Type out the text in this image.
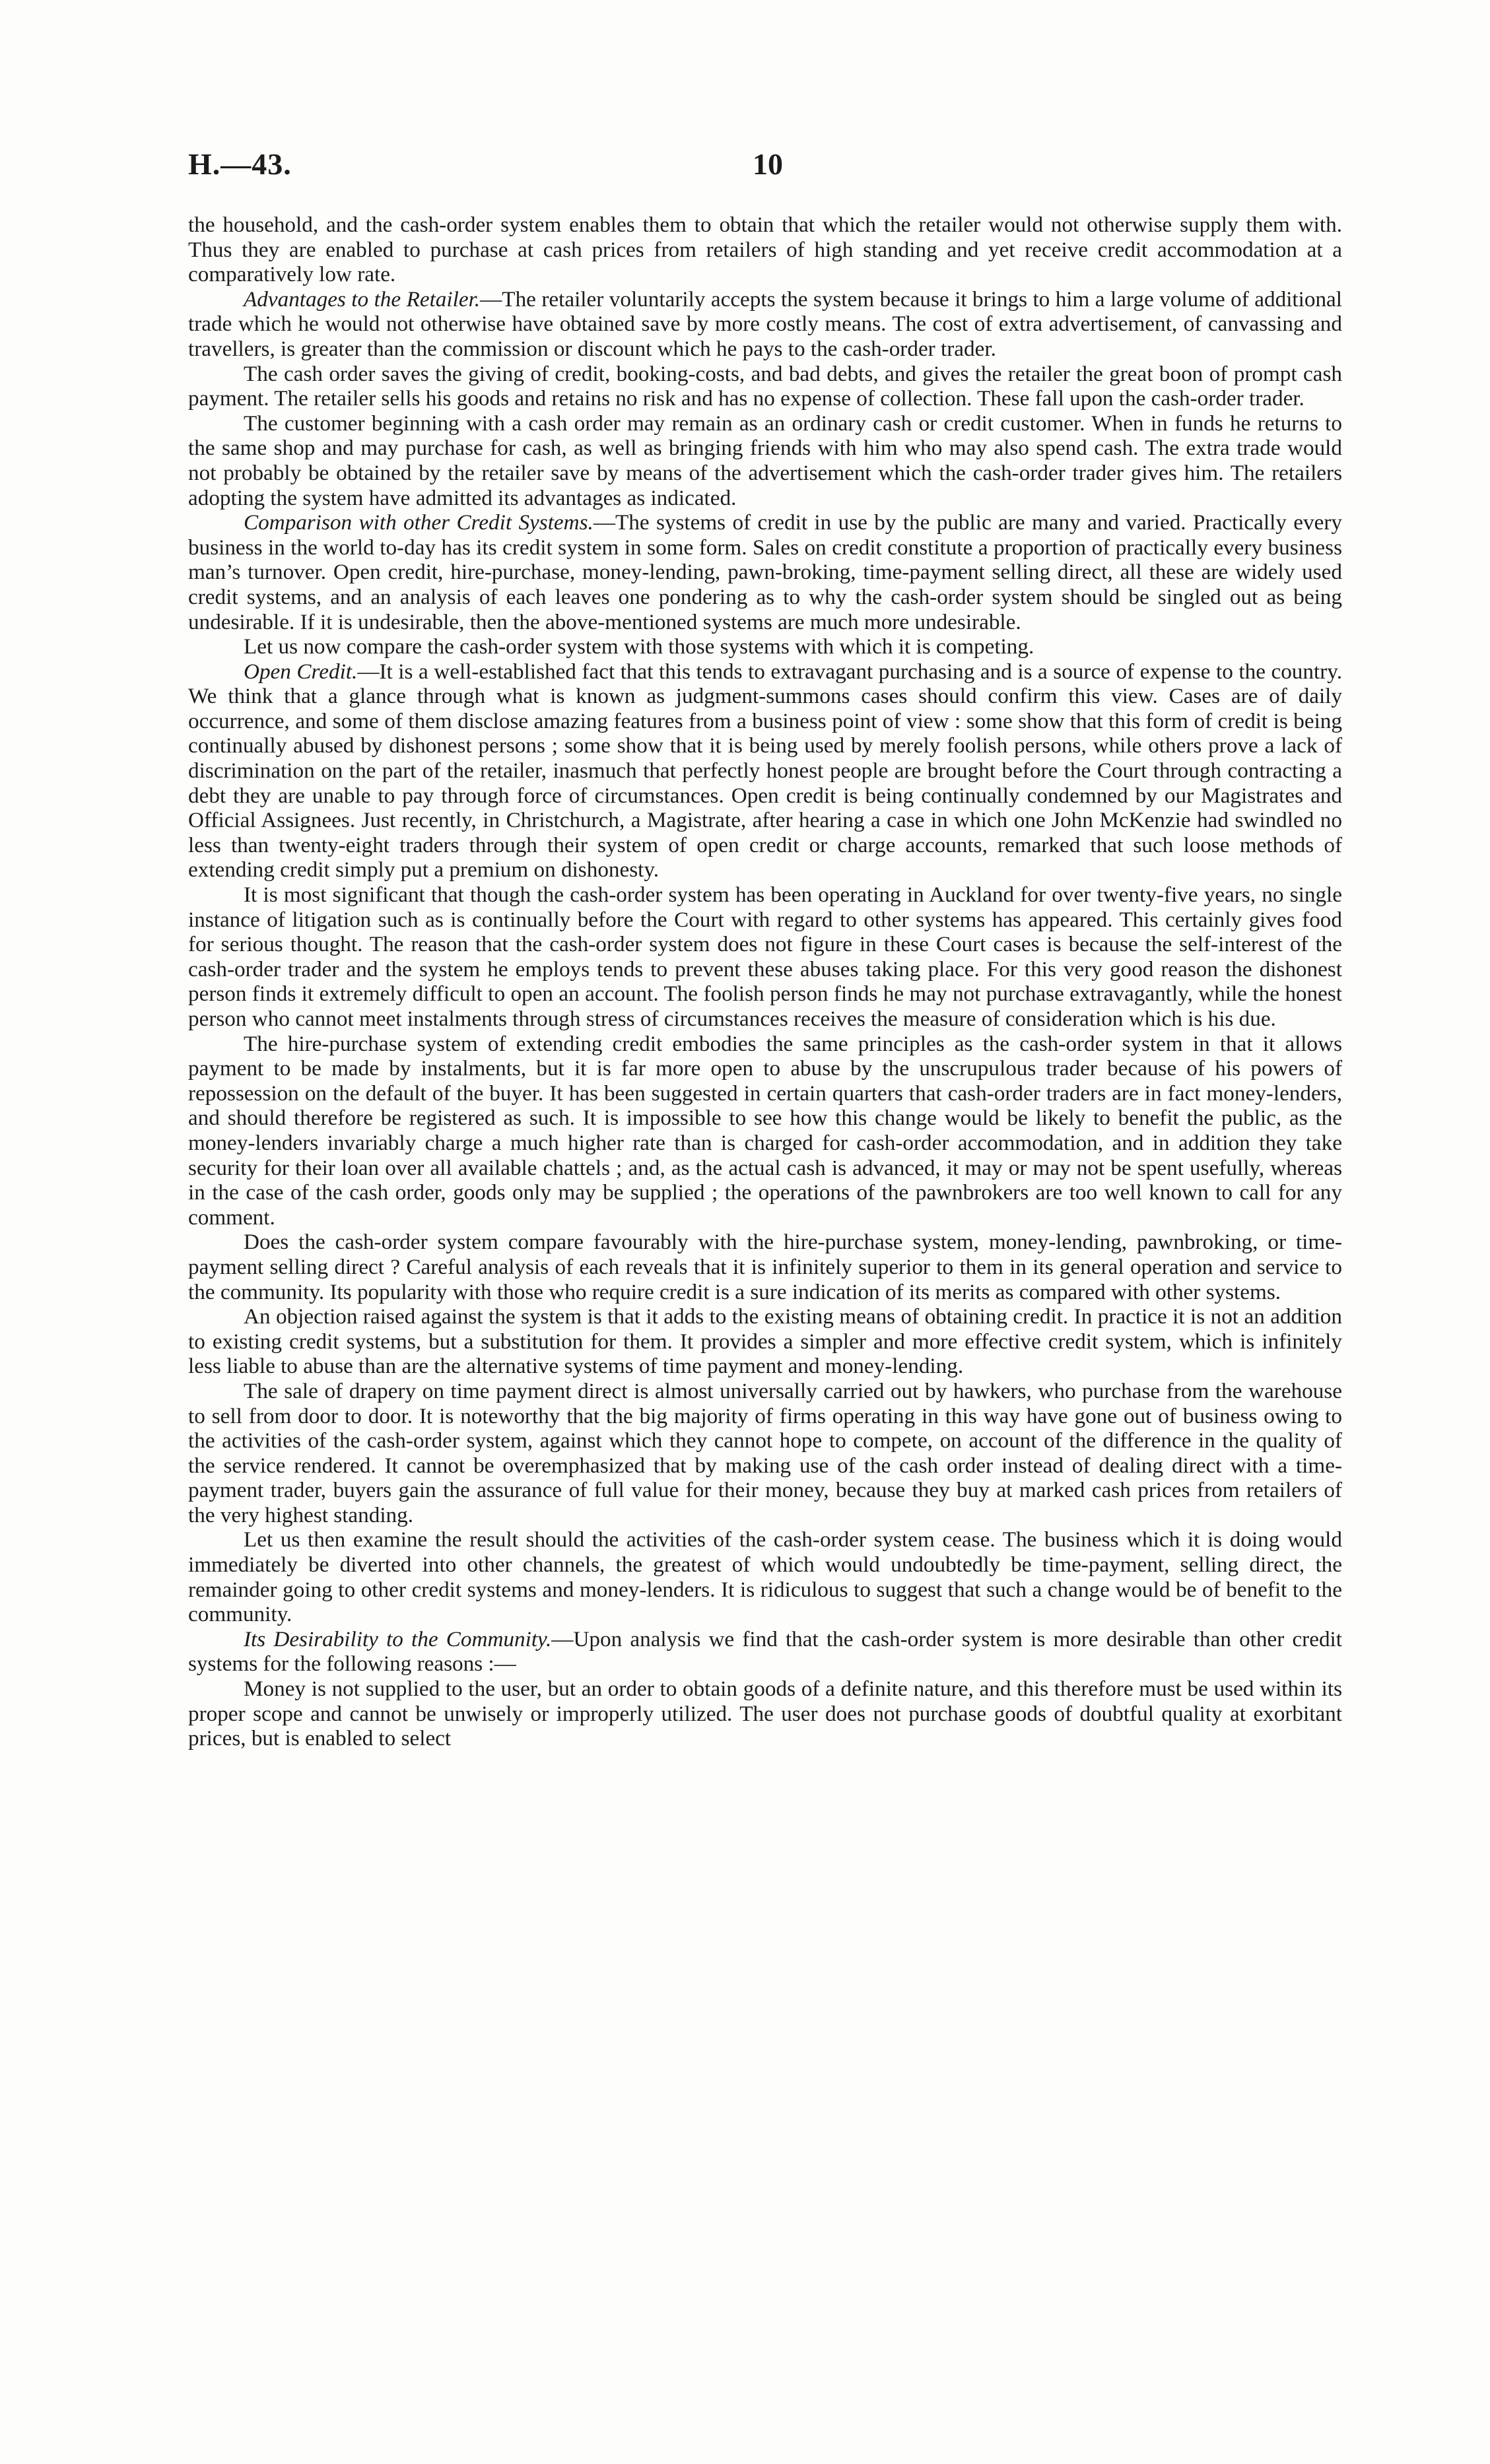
H.—43.	10

the household, and the cash-order system enables them to obtain that which the retailer would not otherwise supply them with. Thus they are enabled to purchase at cash prices from retailers of high standing and yet receive credit accommodation at a comparatively low rate.

Advantages to the Retailer.—The retailer voluntarily accepts the system because it brings to him a large volume of additional trade which he would not otherwise have obtained save by more costly means. The cost of extra advertisement, of canvassing and travellers, is greater than the commission or discount which he pays to the cash-order trader.

The cash order saves the giving of credit, booking-costs, and bad debts, and gives the retailer the great boon of prompt cash payment. The retailer sells his goods and retains no risk and has no expense of collection. These fall upon the cash-order trader.

The customer beginning with a cash order may remain as an ordinary cash or credit customer. When in funds he returns to the same shop and may purchase for cash, as well as bringing friends with him who may also spend cash. The extra trade would not probably be obtained by the retailer save by means of the advertisement which the cash-order trader gives him. The retailers adopting the system have admitted its advantages as indicated.

Comparison with other Credit Systems.—The systems of credit in use by the public are many and varied. Practically every business in the world to-day has its credit system in some form. Sales on credit constitute a proportion of practically every business man’s turnover. Open credit, hire-purchase, money-lending, pawn-broking, time-payment selling direct, all these are widely used credit systems, and an analysis of each leaves one pondering as to why the cash-order system should be singled out as being undesirable. If it is undesirable, then the above-mentioned systems are much more undesirable.

Let us now compare the cash-order system with those systems with which it is competing.

Open Credit.—It is a well-established fact that this tends to extravagant purchasing and is a source of expense to the country. We think that a glance through what is known as judgment-summons cases should confirm this view. Cases are of daily occurrence, and some of them disclose amazing features from a business point of view : some show that this form of credit is being continually abused by dishonest persons ; some show that it is being used by merely foolish persons, while others prove a lack of discrimination on the part of the retailer, inasmuch that perfectly honest people are brought before the Court through contracting a debt they are unable to pay through force of circumstances. Open credit is being continually condemned by our Magistrates and Official Assignees. Just recently, in Christchurch, a Magistrate, after hearing a case in which one John McKenzie had swindled no less than twenty-eight traders through their system of open credit or charge accounts, remarked that such loose methods of extending credit simply put a premium on dishonesty.

It is most significant that though the cash-order system has been operating in Auckland for over twenty-five years, no single instance of litigation such as is continually before the Court with regard to other systems has appeared. This certainly gives food for serious thought. The reason that the cash-order system does not figure in these Court cases is because the self-interest of the cash-order trader and the system he employs tends to prevent these abuses taking place. For this very good reason the dishonest person finds it extremely difficult to open an account. The foolish person finds he may not purchase extravagantly, while the honest person who cannot meet instalments through stress of circumstances receives the measure of consideration which is his due.

The hire-purchase system of extending credit embodies the same principles as the cash-order system in that it allows payment to be made by instalments, but it is far more open to abuse by the unscrupulous trader because of his powers of repossession on the default of the buyer. It has been suggested in certain quarters that cash-order traders are in fact money-lenders, and should therefore be registered as such. It is impossible to see how this change would be likely to benefit the public, as the money-lenders invariably charge a much higher rate than is charged for cash-order accommodation, and in addition they take security for their loan over all available chattels ; and, as the actual cash is advanced, it may or may not be spent usefully, whereas in the case of the cash order, goods only may be supplied ; the operations of the pawnbrokers are too well known to call for any comment.

Does the cash-order system compare favourably with the hire-purchase system, money-lending, pawnbroking, or time-payment selling direct ? Careful analysis of each reveals that it is infinitely superior to them in its general operation and service to the community. Its popularity with those who require credit is a sure indication of its merits as compared with other systems.

An objection raised against the system is that it adds to the existing means of obtaining credit. In practice it is not an addition to existing credit systems, but a substitution for them. It provides a simpler and more effective credit system, which is infinitely less liable to abuse than are the alternative systems of time payment and money-lending.

The sale of drapery on time payment direct is almost universally carried out by hawkers, who purchase from the warehouse to sell from door to door. It is noteworthy that the big majority of firms operating in this way have gone out of business owing to the activities of the cash-order system, against which they cannot hope to compete, on account of the difference in the quality of the service rendered. It cannot be overemphasized that by making use of the cash order instead of dealing direct with a time-payment trader, buyers gain the assurance of full value for their money, because they buy at marked cash prices from retailers of the very highest standing.

Let us then examine the result should the activities of the cash-order system cease. The business which it is doing would immediately be diverted into other channels, the greatest of which would undoubtedly be time-payment, selling direct, the remainder going to other credit systems and money-lenders. It is ridiculous to suggest that such a change would be of benefit to the community.

Its Desirability to the Community.—Upon analysis we find that the cash-order system is more desirable than other credit systems for the following reasons :—

Money is not supplied to the user, but an order to obtain goods of a definite nature, and this therefore must be used within its proper scope and cannot be unwisely or improperly utilized. The user does not purchase goods of doubtful quality at exorbitant prices, but is enabled to select
